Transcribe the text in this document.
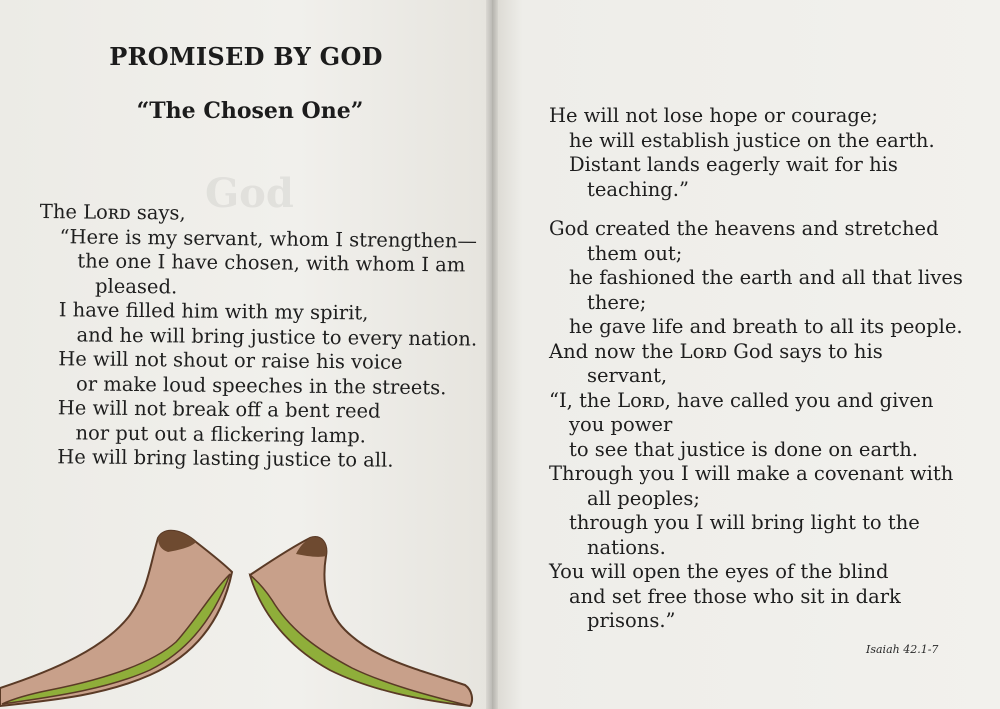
God
PROMISED BY GOD
“The Chosen One”
The Lᴏʀᴅ says,
“Here is my servant, whom I strengthen—
the one I have chosen, with whom I am
pleased.
I have filled him with my spirit,
and he will bring justice to every nation.
He will not shout or raise his voice
or make loud speeches in the streets.
He will not break off a bent reed
nor put out a flickering lamp.
He will bring lasting justice to all.
He will not lose hope or courage;
he will establish justice on the earth.
Distant lands eagerly wait for his
teaching.”
God created the heavens and stretched
them out;
he fashioned the earth and all that lives
there;
he gave life and breath to all its people.
And now the Lᴏʀᴅ God says to his
servant,
“I, the Lᴏʀᴅ, have called you and given
you power
to see that justice is done on earth.
Through you I will make a covenant with
all peoples;
through you I will bring light to the
nations.
You will open the eyes of the blind
and set free those who sit in dark
prisons.”
Isaiah 42.1-7
